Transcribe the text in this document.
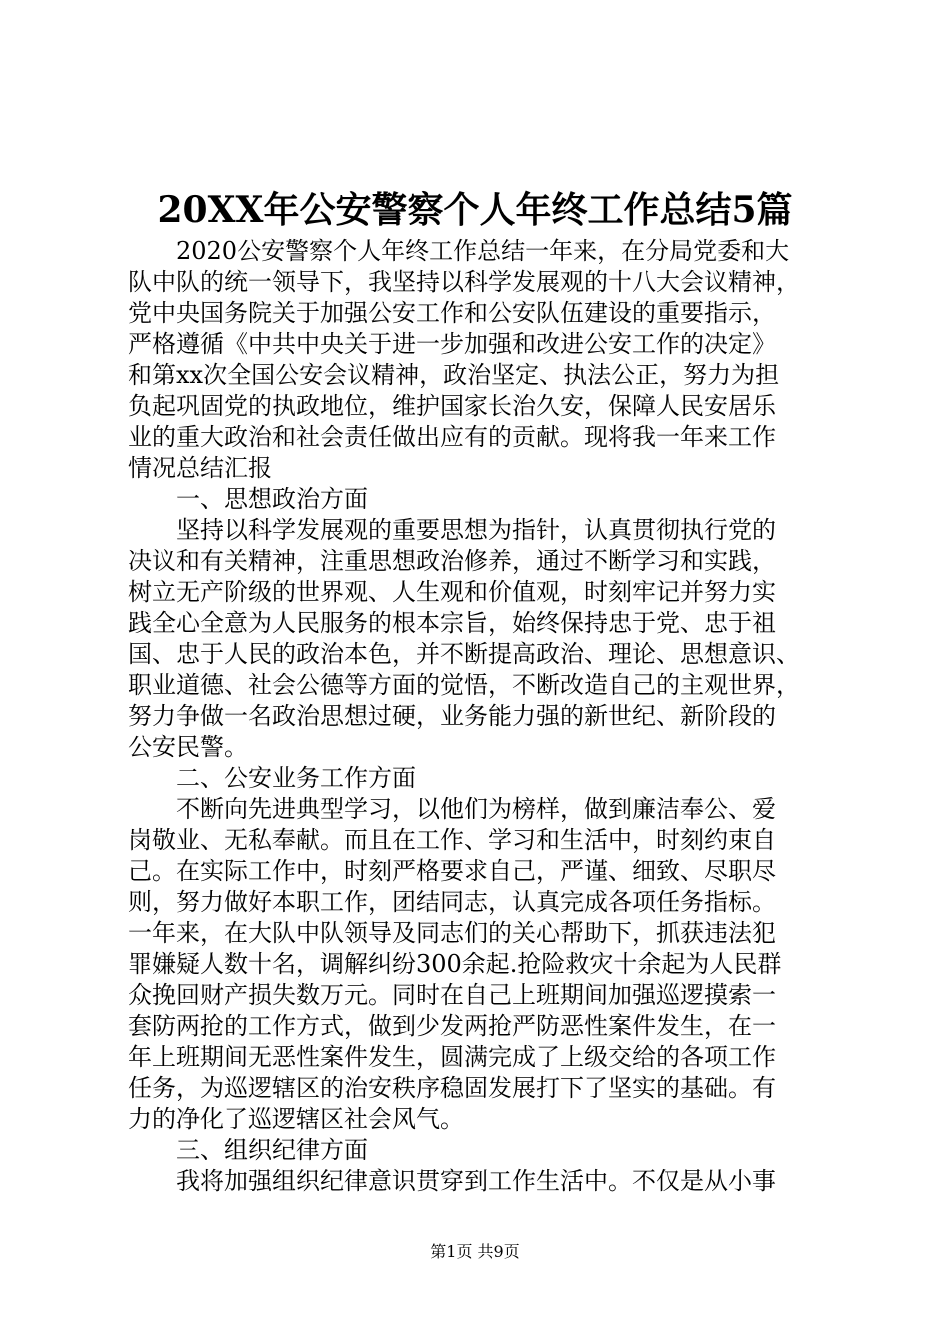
20XX年公安警察个人年终工作总结5篇
　　2020公安警察个人年终工作总结一年来，在分局党委和大
队中队的统一领导下，我坚持以科学发展观的十八大会议精神，
党中央国务院关于加强公安工作和公安队伍建设的重要指示，
严格遵循《中共中央关于进一步加强和改进公安工作的决定》
和第xx次全国公安会议精神，政治坚定、执法公正，努力为担
负起巩固党的执政地位，维护国家长治久安，保障人民安居乐
业的重大政治和社会责任做出应有的贡献。现将我一年来工作
情况总结汇报
　　一、思想政治方面
　　坚持以科学发展观的重要思想为指针，认真贯彻执行党的
决议和有关精神，注重思想政治修养，通过不断学习和实践，
树立无产阶级的世界观、人生观和价值观，时刻牢记并努力实
践全心全意为人民服务的根本宗旨，始终保持忠于党、忠于祖
国、忠于人民的政治本色，并不断提高政治、理论、思想意识、
职业道德、社会公德等方面的觉悟，不断改造自己的主观世界，
努力争做一名政治思想过硬，业务能力强的新世纪、新阶段的
公安民警。
　　二、公安业务工作方面
　　不断向先进典型学习，以他们为榜样，做到廉洁奉公、爱
岗敬业、无私奉献。而且在工作、学习和生活中，时刻约束自
己。在实际工作中，时刻严格要求自己，严谨、细致、尽职尽
则，努力做好本职工作，团结同志，认真完成各项任务指标。
一年来，在大队中队领导及同志们的关心帮助下，抓获违法犯
罪嫌疑人数十名，调解纠纷300余起.抢险救灾十余起为人民群
众挽回财产损失数万元。同时在自己上班期间加强巡逻摸索一
套防两抢的工作方式，做到少发两抢严防恶性案件发生，在一
年上班期间无恶性案件发生，圆满完成了上级交给的各项工作
任务，为巡逻辖区的治安秩序稳固发展打下了坚实的基础。有
力的净化了巡逻辖区社会风气。
　　三、组织纪律方面
　　我将加强组织纪律意识贯穿到工作生活中。不仅是从小事
第1页 共9页
